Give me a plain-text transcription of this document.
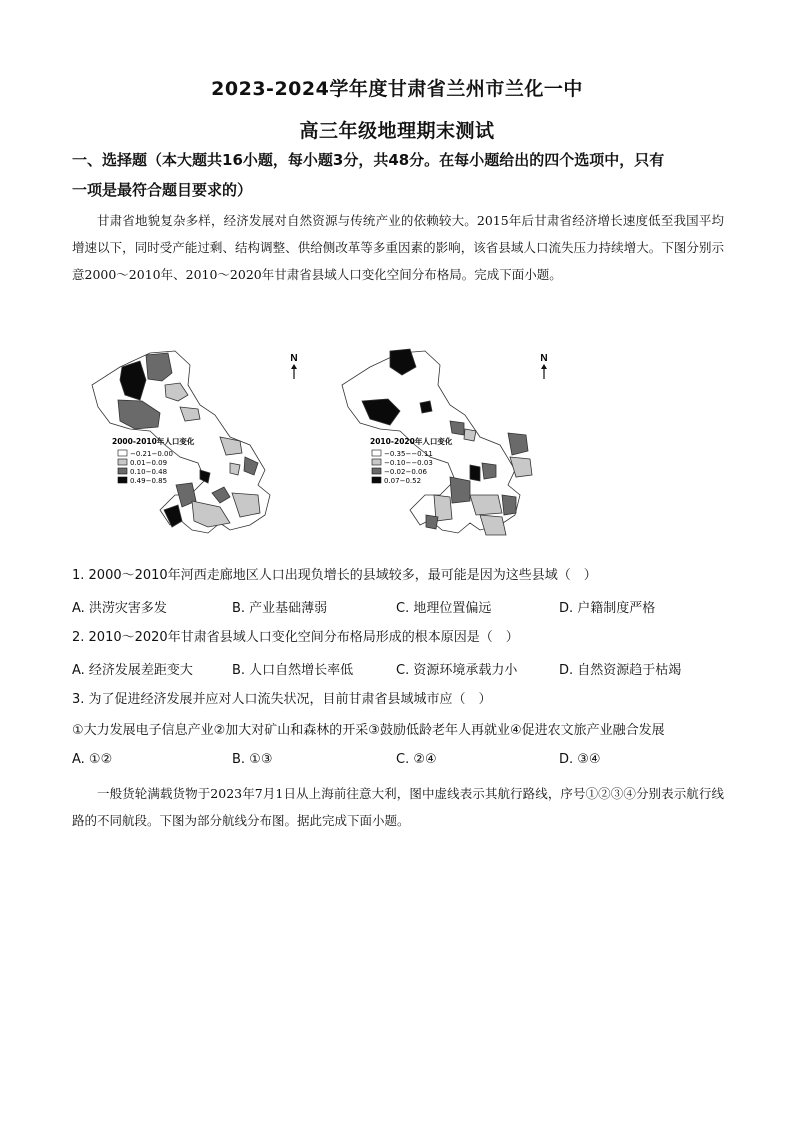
2023-2024学年度甘肃省兰州市兰化一中
高三年级地理期末测试
一、选择题（本大题共16小题，每小题3分，共48分。在每小题给出的四个选项中，只有
一项是最符合题目要求的）
甘肃省地貌复杂多样，经济发展对自然资源与传统产业的依赖较大。2015年后甘肃省经济增长速度低至我国平均增速以下，同时受产能过剩、结构调整、供给侧改革等多重因素的影响，该省县域人口流失压力持续增大。下图分别示意2000～2010年、2010～2020年甘肃省县域人口变化空间分布格局。完成下面小题。
N
2000-2010年人口变化
−0.21−0.00
0.01−0.09
0.10−0.48
0.49−0.85
N
2010-2020年人口变化
−0.35−−0.11
−0.10−−0.03
−0.02−0.06
0.07−0.52
1. 2000～2010年河西走廊地区人口出现负增长的县域较多，最可能是因为这些县域（　）
A. 洪涝灾害多发	B. 产业基础薄弱	C. 地理位置偏远	D. 户籍制度严格
2. 2010～2020年甘肃省县域人口变化空间分布格局形成的根本原因是（　）
A. 经济发展差距变大	B. 人口自然增长率低	C. 资源环境承载力小	D. 自然资源趋于枯竭
3. 为了促进经济发展并应对人口流失状况，目前甘肃省县域城市应（　）
①大力发展电子信息产业②加大对矿山和森林的开采③鼓励低龄老年人再就业④促进农文旅产业融合发展
A. ①②	B. ①③	C. ②④	D. ③④
一般货轮满载货物于2023年7月1日从上海前往意大利，图中虚线表示其航行路线，序号①②③④分别表示航行线路的不同航段。下图为部分航线分布图。据此完成下面小题。
